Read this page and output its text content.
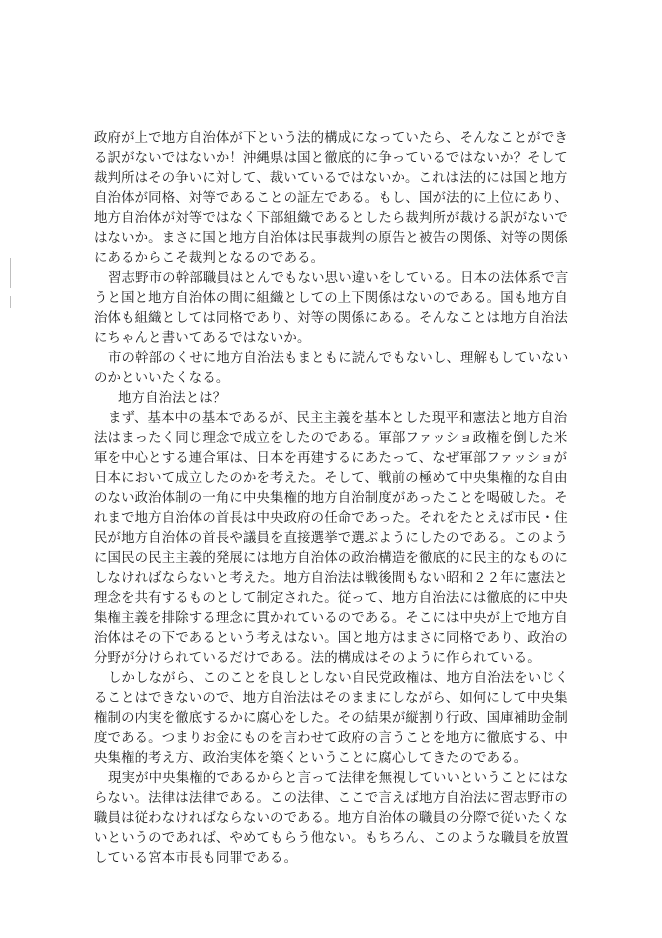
政府が上で地方自治体が下という法的構成になっていたら、そんなことができ
る訳がないではないか！沖縄県は国と徹底的に争っているではないか？そして
裁判所はその争いに対して、裁いているではないか。これは法的には国と地方
自治体が同格、対等であることの証左である。もし、国が法的に上位にあり、
地方自治体が対等ではなく下部組織であるとしたら裁判所が裁ける訳がないで
はないか。まさに国と地方自治体は民事裁判の原告と被告の関係、対等の関係
にあるからこそ裁判となるのである。
習志野市の幹部職員はとんでもない思い違いをしている。日本の法体系で言
うと国と地方自治体の間に組織としての上下関係はないのである。国も地方自
治体も組織としては同格であり、対等の関係にある。そんなことは地方自治法
にちゃんと書いてあるではないか。
市の幹部のくせに地方自治法もまともに読んでもないし、理解もしていない
のかといいたくなる。
地方自治法とは？
まず、基本中の基本であるが、民主主義を基本とした現平和憲法と地方自治
法はまったく同じ理念で成立をしたのである。軍部ファッショ政権を倒した米
軍を中心とする連合軍は、日本を再建するにあたって、なぜ軍部ファッショが
日本において成立したのかを考えた。そして、戦前の極めて中央集権的な自由
のない政治体制の一角に中央集権的地方自治制度があったことを喝破した。そ
れまで地方自治体の首長は中央政府の任命であった。それをたとえば市民・住
民が地方自治体の首長や議員を直接選挙で選ぶようにしたのである。このよう
に国民の民主主義的発展には地方自治体の政治構造を徹底的に民主的なものに
しなければならないと考えた。地方自治法は戦後間もない昭和２２年に憲法と
理念を共有するものとして制定された。従って、地方自治法には徹底的に中央
集権主義を排除する理念に貫かれているのである。そこには中央が上で地方自
治体はその下であるという考えはない。国と地方はまさに同格であり、政治の
分野が分けられているだけである。法的構成はそのように作られている。
しかしながら、このことを良しとしない自民党政権は、地方自治法をいじく
ることはできないので、地方自治法はそのままにしながら、如何にして中央集
権制の内実を徹底するかに腐心をした。その結果が縦割り行政、国庫補助金制
度である。つまりお金にものを言わせて政府の言うことを地方に徹底する、中
央集権的考え方、政治実体を築くということに腐心してきたのである。
現実が中央集権的であるからと言って法律を無視していいということにはな
らない。法律は法律である。この法律、ここで言えば地方自治法に習志野市の
職員は従わなければならないのである。地方自治体の職員の分際で従いたくな
いというのであれば、やめてもらう他ない。もちろん、このような職員を放置
している宮本市長も同罪である。
